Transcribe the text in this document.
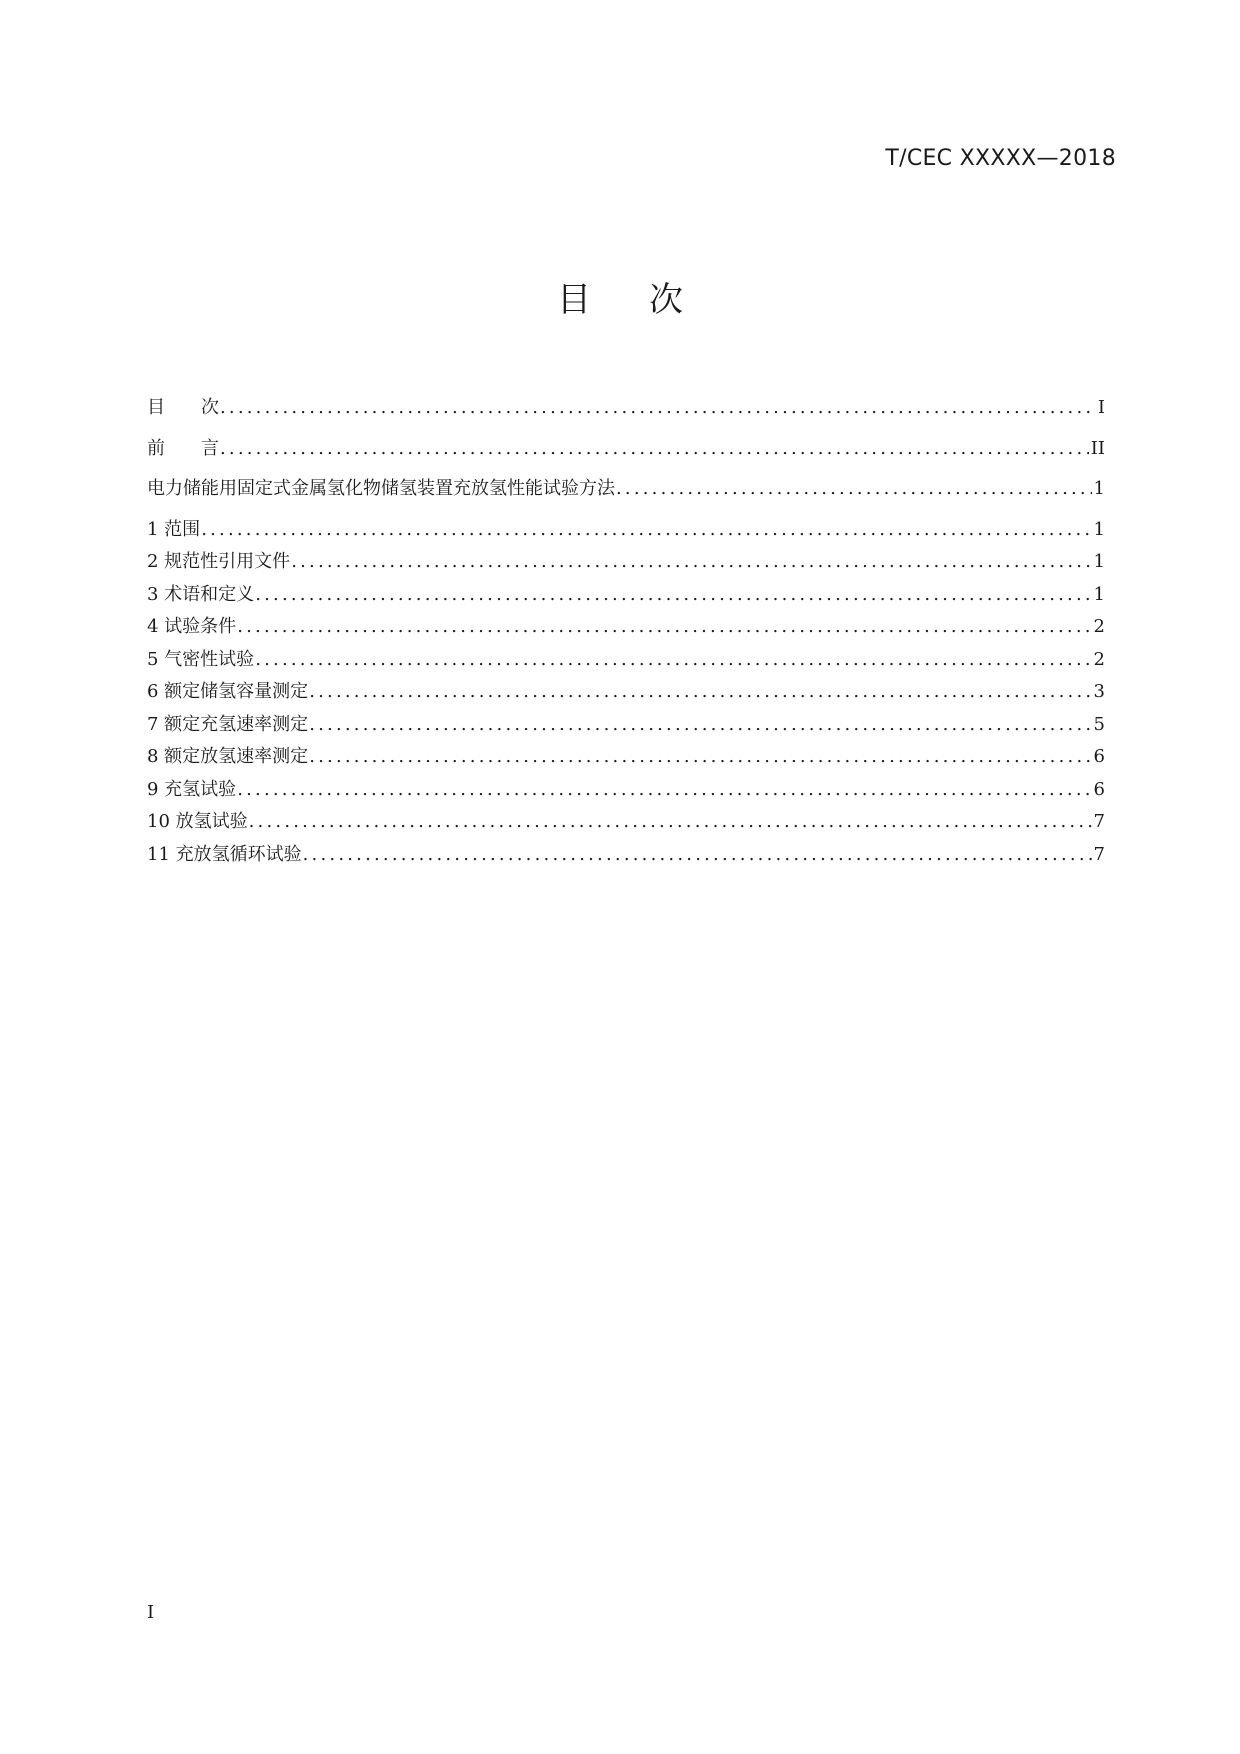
T/CEC XXXXX—2018
目次
目　　次 .....	I
前　　言 .....	II
电力储能用固定式金属氢化物储氢装置充放氢性能试验方法 .....	1
1 范围 .....	1
2 规范性引用文件 .....	1
3 术语和定义 .....	1
4 试验条件 .....	2
5 气密性试验 .....	2
6 额定储氢容量测定 .....	3
7 额定充氢速率测定 .....	5
8 额定放氢速率测定 .....	6
9 充氢试验 .....	6
10 放氢试验 .....	7
11 充放氢循环试验 .....	7
I
